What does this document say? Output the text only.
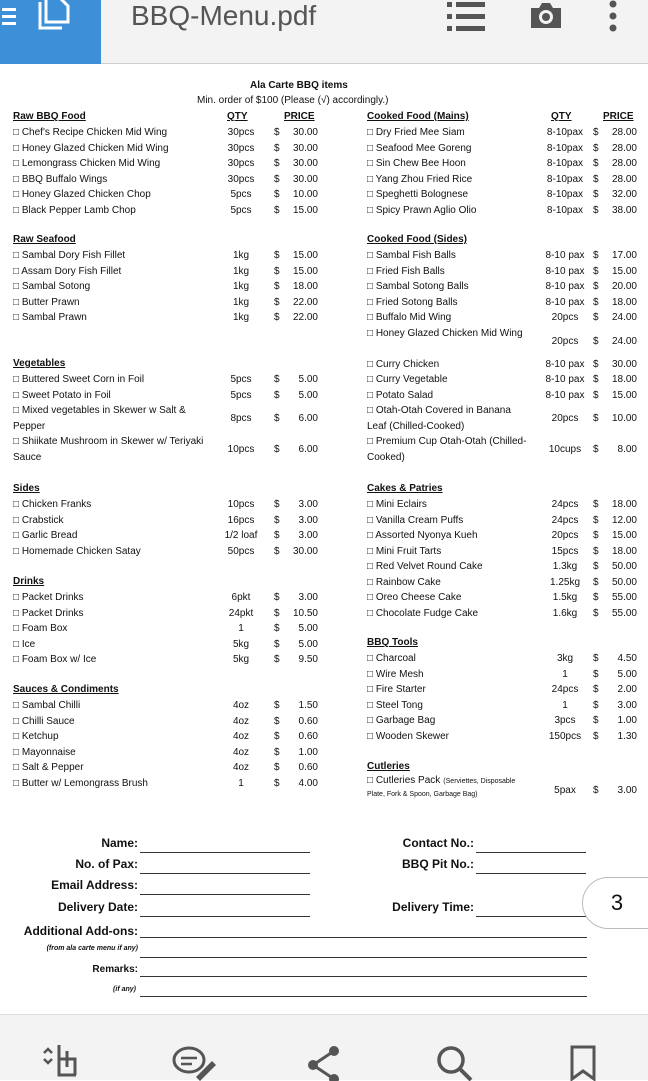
BBQ-Menu.pdf
Ala Carte BBQ items
Min. order of $100 (Please (√) accordingly.)
Raw BBQ Food	QTY	PRICE
□ Chef's Recipe Chicken Mid Wing	30pcs	$ 30.00
□ Honey Glazed Chicken Mid Wing	30pcs	$ 30.00
□ Lemongrass Chicken Mid Wing	30pcs	$ 30.00
□ BBQ Buffalo Wings	30pcs	$ 30.00
□ Honey Glazed Chicken Chop	5pcs	$ 10.00
□ Black Pepper Lamb Chop	5pcs	$ 15.00
Raw Seafood
□ Sambal Dory Fish Fillet	1kg	$ 15.00
□ Assam Dory Fish Fillet	1kg	$ 15.00
□ Sambal Sotong	1kg	$ 18.00
□ Butter Prawn	1kg	$ 22.00
□ Sambal Prawn	1kg	$ 22.00
Vegetables
□ Buttered Sweet Corn in Foil	5pcs	$ 5.00
□ Sweet Potato in Foil	5pcs	$ 5.00
□ Mixed vegetables in Skewer w Salt & Pepper
8pcs	$ 6.00
□ Shiikate Mushroom in Skewer w/ Teriyaki Sauce
10pcs	$ 6.00
Sides
□ Chicken Franks	10pcs	$ 3.00
□ Crabstick	16pcs	$ 3.00
□ Garlic Bread	1/2 loaf	$ 3.00
□ Homemade Chicken Satay	50pcs	$ 30.00
Drinks
□ Packet Drinks	6pkt	$ 3.00
□ Packet Drinks	24pkt	$ 10.50
□ Foam Box	1	$ 5.00
□ Ice	5kg	$ 5.00
□ Foam Box w/ Ice	5kg	$ 9.50
Sauces & Condiments
□ Sambal Chilli	4oz	$ 1.50
□ Chilli Sauce	4oz	$ 0.60
□ Ketchup	4oz	$ 0.60
□ Mayonnaise	4oz	$ 1.00
□ Salt & Pepper	4oz	$ 0.60
□ Butter w/ Lemongrass Brush	1	$ 4.00
Cooked Food (Mains)	QTY	PRICE
□ Dry Fried Mee Siam	8-10pax $ 28.00
□ Seafood Mee Goreng	8-10pax $ 28.00
□ Sin Chew Bee Hoon	8-10pax $ 28.00
□ Yang Zhou Fried Rice	8-10pax $ 28.00
□ Speghetti Bolognese	8-10pax $ 32.00
□ Spicy Prawn Aglio Olio	8-10pax $ 38.00
Cooked Food (Sides)
□ Sambal Fish Balls	8-10 pax $ 17.00
□ Fried Fish Balls	8-10 pax $ 15.00
□ Sambal Sotong Balls	8-10 pax $ 20.00
□ Fried Sotong Balls	8-10 pax $ 18.00
□ Buffalo Mid Wing	20pcs	$ 24.00
□ Honey Glazed Chicken Mid Wing
20pcs	$ 24.00
□ Curry Chicken	8-10 pax $ 30.00
□ Curry Vegetable	8-10 pax $ 18.00
□ Potato Salad	8-10 pax $ 15.00
□ Otah-Otah Covered in Banana Leaf (Chilled-Cooked)
20pcs	$ 10.00
□ Premium Cup Otah-Otah (Chilled-Cooked)
10cups	$ 8.00
Cakes & Patries
□ Mini Eclairs	24pcs	$ 18.00
□ Vanilla Cream Puffs	24pcs	$ 12.00
□ Assorted Nyonya Kueh	20pcs	$ 15.00
□ Mini Fruit Tarts	15pcs	$ 18.00
□ Red Velvet Round Cake	1.3kg	$ 50.00
□ Rainbow Cake	1.25kg	$ 50.00
□ Oreo Cheese Cake	1.5kg	$ 55.00
□ Chocolate Fudge Cake	1.6kg	$ 55.00
BBQ Tools
□ Charcoal	3kg	$ 4.50
□ Wire Mesh	1	$ 5.00
□ Fire Starter	24pcs	$ 2.00
□ Steel Tong	1	$ 3.00
□ Garbage Bag	3pcs	$ 1.00
□ Wooden Skewer	150pcs	$ 1.30
Cutleries
□ Cutleries Pack (Serviettes, Disposable Plate, Fork & Spoon, Garbage Bag)	5pax	$ 3.00
Name:
No. of Pax:
Email Address:
Delivery Date:
Contact No.:
BBQ Pit No.:
Delivery Time:
Additional Add-ons:
(from ala carte menu if any)
Remarks:
(if any)
3
